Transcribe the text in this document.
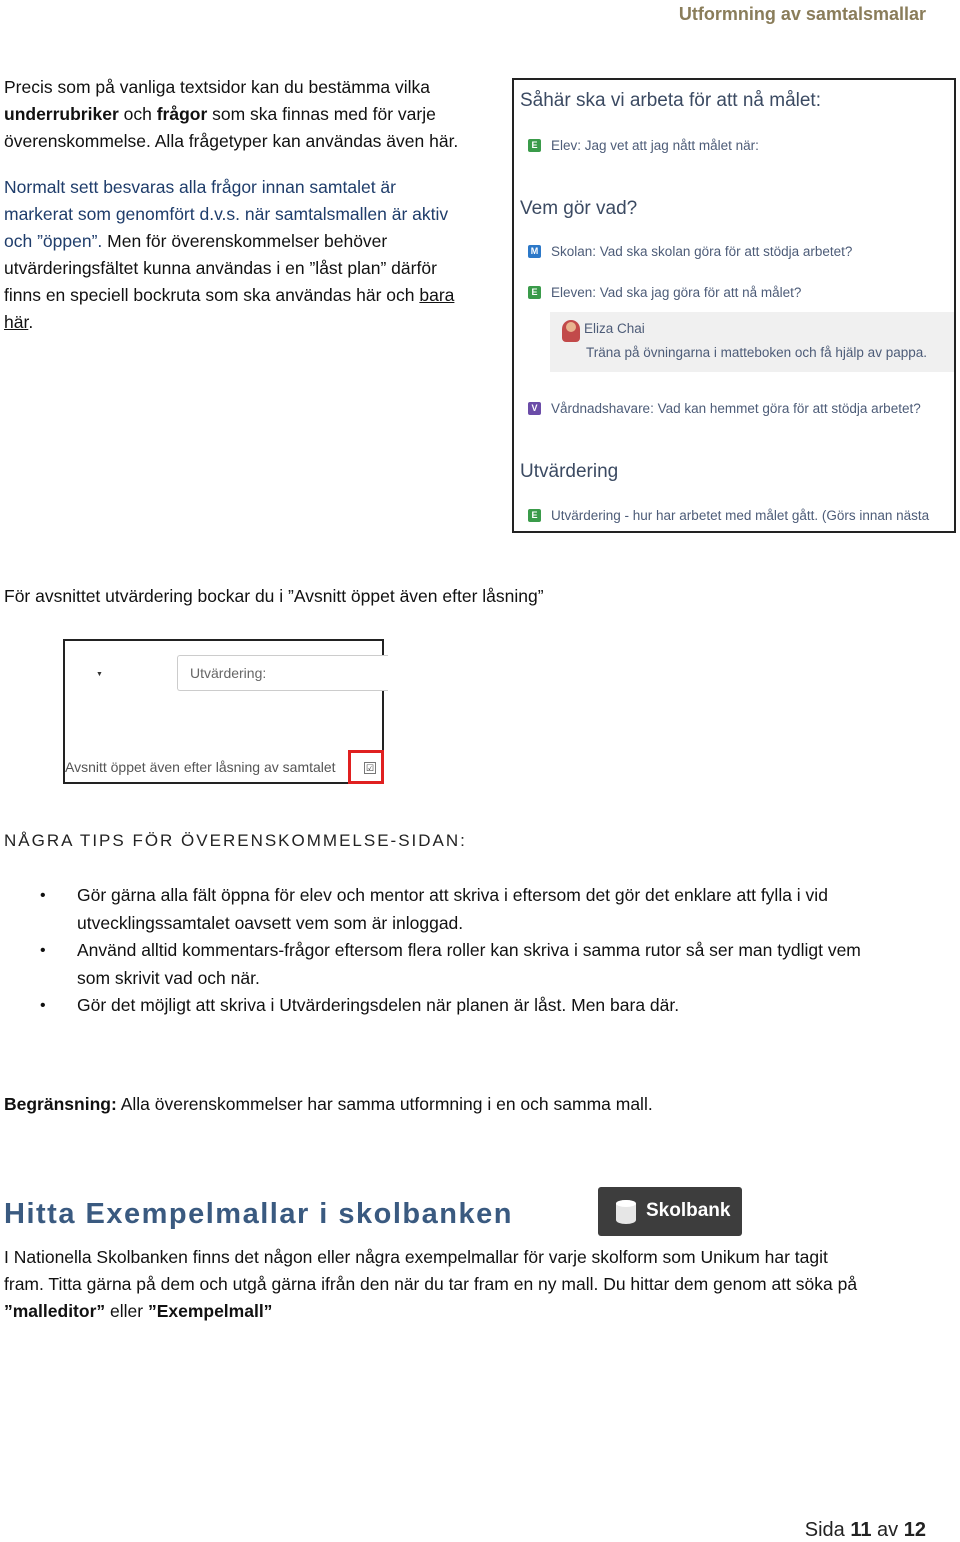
Utformning av samtalsmallar
Precis som på vanliga textsidor kan du bestämma vilka
underrubriker och frågor som ska finnas med för varje
överenskommelse. Alla frågetyper kan användas även här.
Normalt sett besvaras alla frågor innan samtalet är
markerat som genomfört d.v.s. när samtalsmallen är aktiv
och ”öppen”. Men för överenskommelser behöver
utvärderingsfältet kunna användas i en ”låst plan” därför
finns en speciell bockruta som ska användas här och bara
här.
Såhär ska vi arbeta för att nå målet:
E Elev: Jag vet att jag nått målet när:
Vem gör vad?
M Skolan: Vad ska skolan göra för att stödja arbetet?
E Eleven: Vad ska jag göra för att nå målet?
Eliza Chai
Träna på övningarna i matteboken och få hjälp av pappa.
V Vårdnadshavare: Vad kan hemmet göra för att stödja arbetet?
Utvärdering
E Utvärdering - hur har arbetet med målet gått. (Görs innan nästa
För avsnittet utvärdering bockar du i ”Avsnitt öppet även efter låsning”
▼	Utvärdering:
Avsnitt öppet även efter låsning av samtalet	☑
NÅGRA TIPS FÖR ÖVERENSKOMMELSE-SIDAN:
• Gör gärna alla fält öppna för elev och mentor att skriva i eftersom det gör det enklare att fylla i vid
utvecklingssamtalet oavsett vem som är inloggad.
• Använd alltid kommentars-frågor eftersom flera roller kan skriva i samma rutor så ser man tydligt vem
som skrivit vad och när.
• Gör det möjligt att skriva i Utvärderingsdelen när planen är låst. Men bara där.
Begränsning: Alla överenskommelser har samma utformning i en och samma mall.
Hitta Exempelmallar i skolbanken	Skolbank
I Nationella Skolbanken finns det någon eller några exempelmallar för varje skolform som Unikum har tagit
fram. Titta gärna på dem och utgå gärna ifrån den när du tar fram en ny mall. Du hittar dem genom att söka på
”malleditor” eller ”Exempelmall”
Sida 11 av 12
